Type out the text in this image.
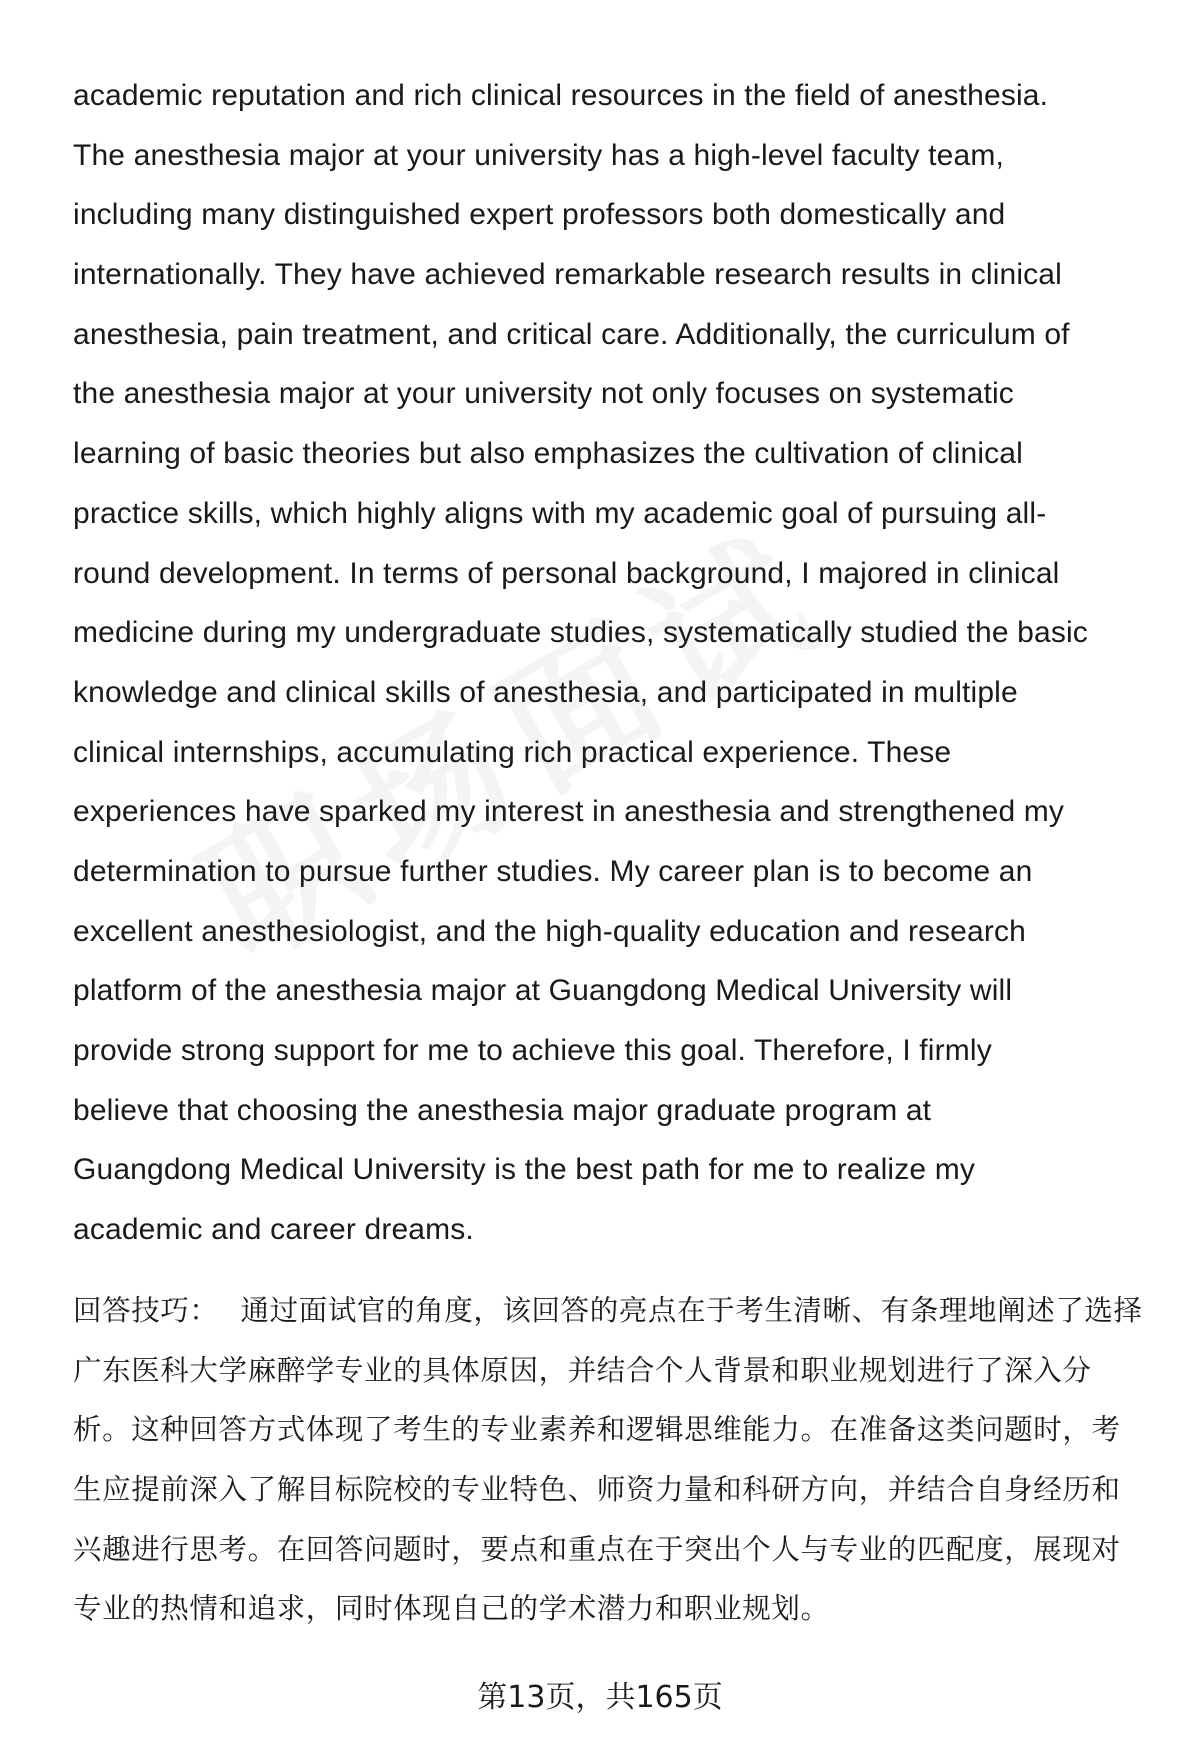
academic reputation and rich clinical resources in the field of anesthesia.
The anesthesia major at your university has a high-level faculty team,
including many distinguished expert professors both domestically and
internationally. They have achieved remarkable research results in clinical
anesthesia, pain treatment, and critical care. Additionally, the curriculum of
the anesthesia major at your university not only focuses on systematic
learning of basic theories but also emphasizes the cultivation of clinical
practice skills, which highly aligns with my academic goal of pursuing all-
round development. In terms of personal background, I majored in clinical
medicine during my undergraduate studies, systematically studied the basic
knowledge and clinical skills of anesthesia, and participated in multiple
clinical internships, accumulating rich practical experience. These
experiences have sparked my interest in anesthesia and strengthened my
determination to pursue further studies. My career plan is to become an
excellent anesthesiologist, and the high-quality education and research
platform of the anesthesia major at Guangdong Medical University will
provide strong support for me to achieve this goal. Therefore, I firmly
believe that choosing the anesthesia major graduate program at
Guangdong Medical University is the best path for me to realize my
academic and career dreams.
回答技巧： 通过面试官的角度，该回答的亮点在于考生清晰、有条理地阐述了选择
广东医科大学麻醉学专业的具体原因，并结合个人背景和职业规划进行了深入分
析。这种回答方式体现了考生的专业素养和逻辑思维能力。在准备这类问题时，考
生应提前深入了解目标院校的专业特色、师资力量和科研方向，并结合自身经历和
兴趣进行思考。在回答问题时，要点和重点在于突出个人与专业的匹配度，展现对
专业的热情和追求，同时体现自己的学术潜力和职业规划。
第13页，共165页
